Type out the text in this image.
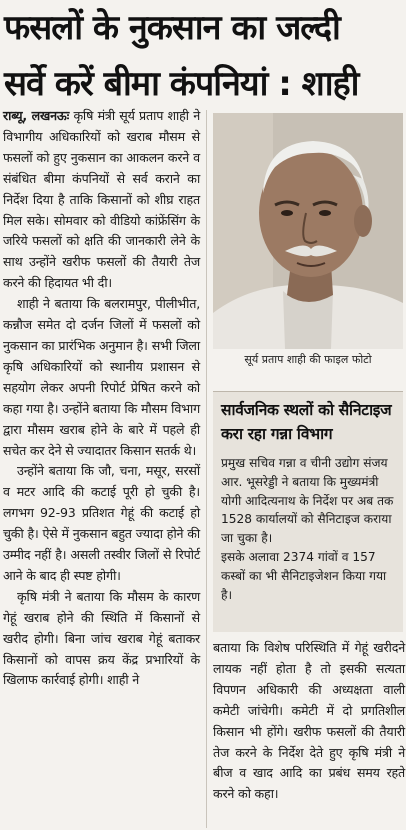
फसलों के नुकसान का जल्दी
सर्वे करें बीमा कंपनियां : शाही

राब्यू, लखनऊः कृषि मंत्री सूर्य प्रताप शाही ने विभागीय अधिकारियों को खराब मौसम से फसलों को हुए नुकसान का आकलन करने व संबंधित बीमा कंपनियों से सर्व कराने का निर्देश दिया है ताकि किसानों को शीघ्र राहत मिल सके। सोमवार को वीडियो कांफ्रेंसिंग के जरिये फसलों को क्षति की जानकारी लेने के साथ उन्होंने खरीफ फसलों की तैयारी तेज करने की हिदायत भी दी।

शाही ने बताया कि बलरामपुर, पीलीभीत, कन्नौज समेत दो दर्जन जिलों में फसलों को नुकसान का प्रारंभिक अनुमान है। सभी जिला कृषि अधिकारियों को स्थानीय प्रशासन से सहयोग लेकर अपनी रिपोर्ट प्रेषित करने को कहा गया है। उन्होंने बताया कि मौसम विभाग द्वारा मौसम खराब होने के बारे में पहले ही सचेत कर देने से ज्यादातर किसान सतर्क थे।

उन्होंने बताया कि जौ, चना, मसूर, सरसों व मटर आदि की कटाई पूरी हो चुकी है। लगभग 92-93 प्रतिशत गेहूं की कटाई हो चुकी है। ऐसे में नुकसान बहुत ज्यादा होने की उम्मीद नहीं है। असली तस्वीर जिलों से रिपोर्ट आने के बाद ही स्पष्ट होगी।

कृषि मंत्री ने बताया कि मौसम के कारण गेहूं खराब होने की स्थिति में किसानों से खरीद होगी। बिना जांच खराब गेहूं बताकर किसानों को वापस क्रय केंद्र प्रभारियों के खिलाफ कार्रवाई होगी। शाही ने

सूर्य प्रताप शाही की फाइल फोटो
सार्वजनिक स्थलों को सैनिटाइज करा रहा गन्ना विभाग

प्रमुख सचिव गन्ना व चीनी उद्योग संजय आर. भूसरेड्डी ने बताया कि मुख्यमंत्री योगी आदित्यनाथ के निर्देश पर अब तक 1528 कार्यालयों को सैनिटाइज कराया जा चुका है।

इसके अलावा 2374 गांवों व 157 कस्बों का भी सैनिटाइजेशन किया गया है।

बताया कि विशेष परिस्थिति में गेहूं खरीदने लायक नहीं होता है तो इसकी सत्यता विपणन अधिकारी की अध्यक्षता वाली कमेटी जांचेगी। कमेटी में दो प्रगतिशील किसान भी होंगे। खरीफ फसलों की तैयारी तेज करने के निर्देश देते हुए कृषि मंत्री ने बीज व खाद आदि का प्रबंध समय रहते करने को कहा।
